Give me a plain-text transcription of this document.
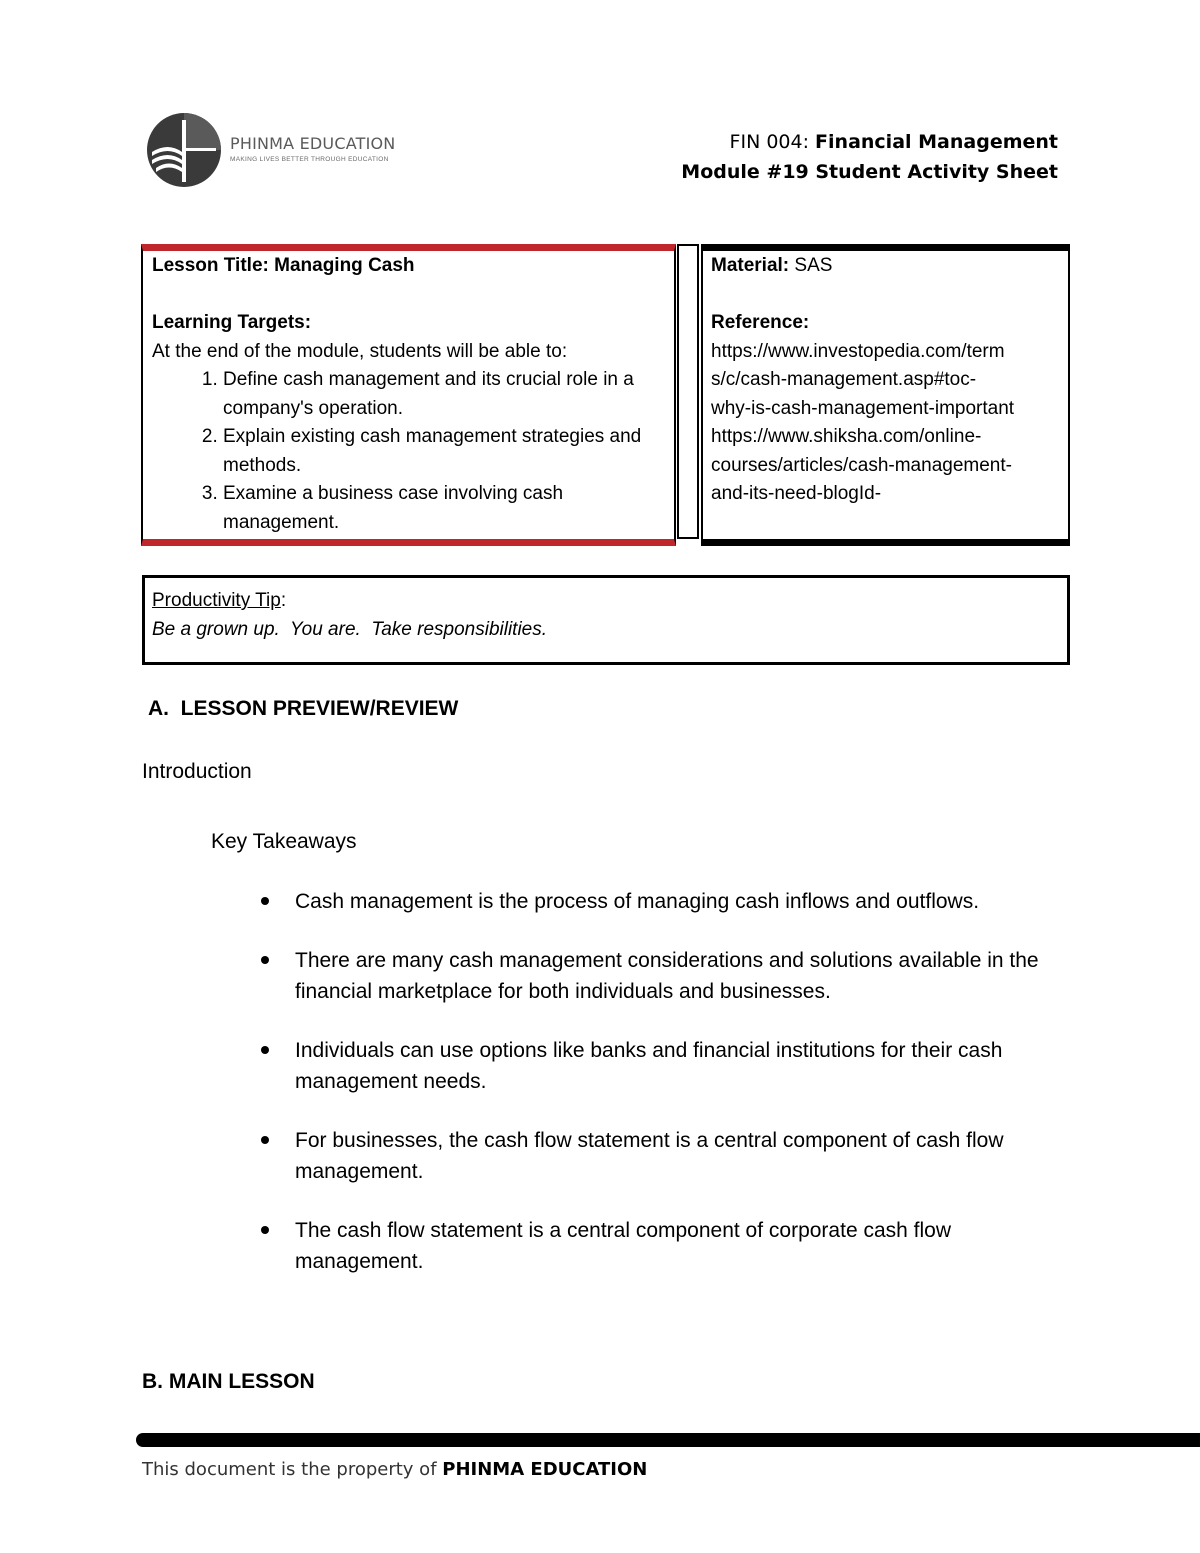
PHINMA EDUCATION
MAKING LIVES BETTER THROUGH EDUCATION
FIN 004: Financial Management
Module #19 Student Activity Sheet
Lesson Title: Managing Cash
Learning Targets:
At the end of the module, students will be able to:
1. Define cash management and its crucial role in a company's operation.
2. Explain existing cash management strategies and methods.
3. Examine a business case involving cash management.
Material: SAS
Reference:
https://www.investopedia.com/term
s/c/cash-management.asp#toc-
why-is-cash-management-important
https://www.shiksha.com/online-
courses/articles/cash-management-
and-its-need-blogId-
Productivity Tip:
Be a grown up.  You are.  Take responsibilities.
A.  LESSON PREVIEW/REVIEW
Introduction
Key Takeaways
Cash management is the process of managing cash inflows and outflows.
There are many cash management considerations and solutions available in the financial marketplace for both individuals and businesses.
Individuals can use options like banks and financial institutions for their cash management needs.
For businesses, the cash flow statement is a central component of cash flow management.
The cash flow statement is a central component of corporate cash flow management.
B. MAIN LESSON
This document is the property of PHINMA EDUCATION
